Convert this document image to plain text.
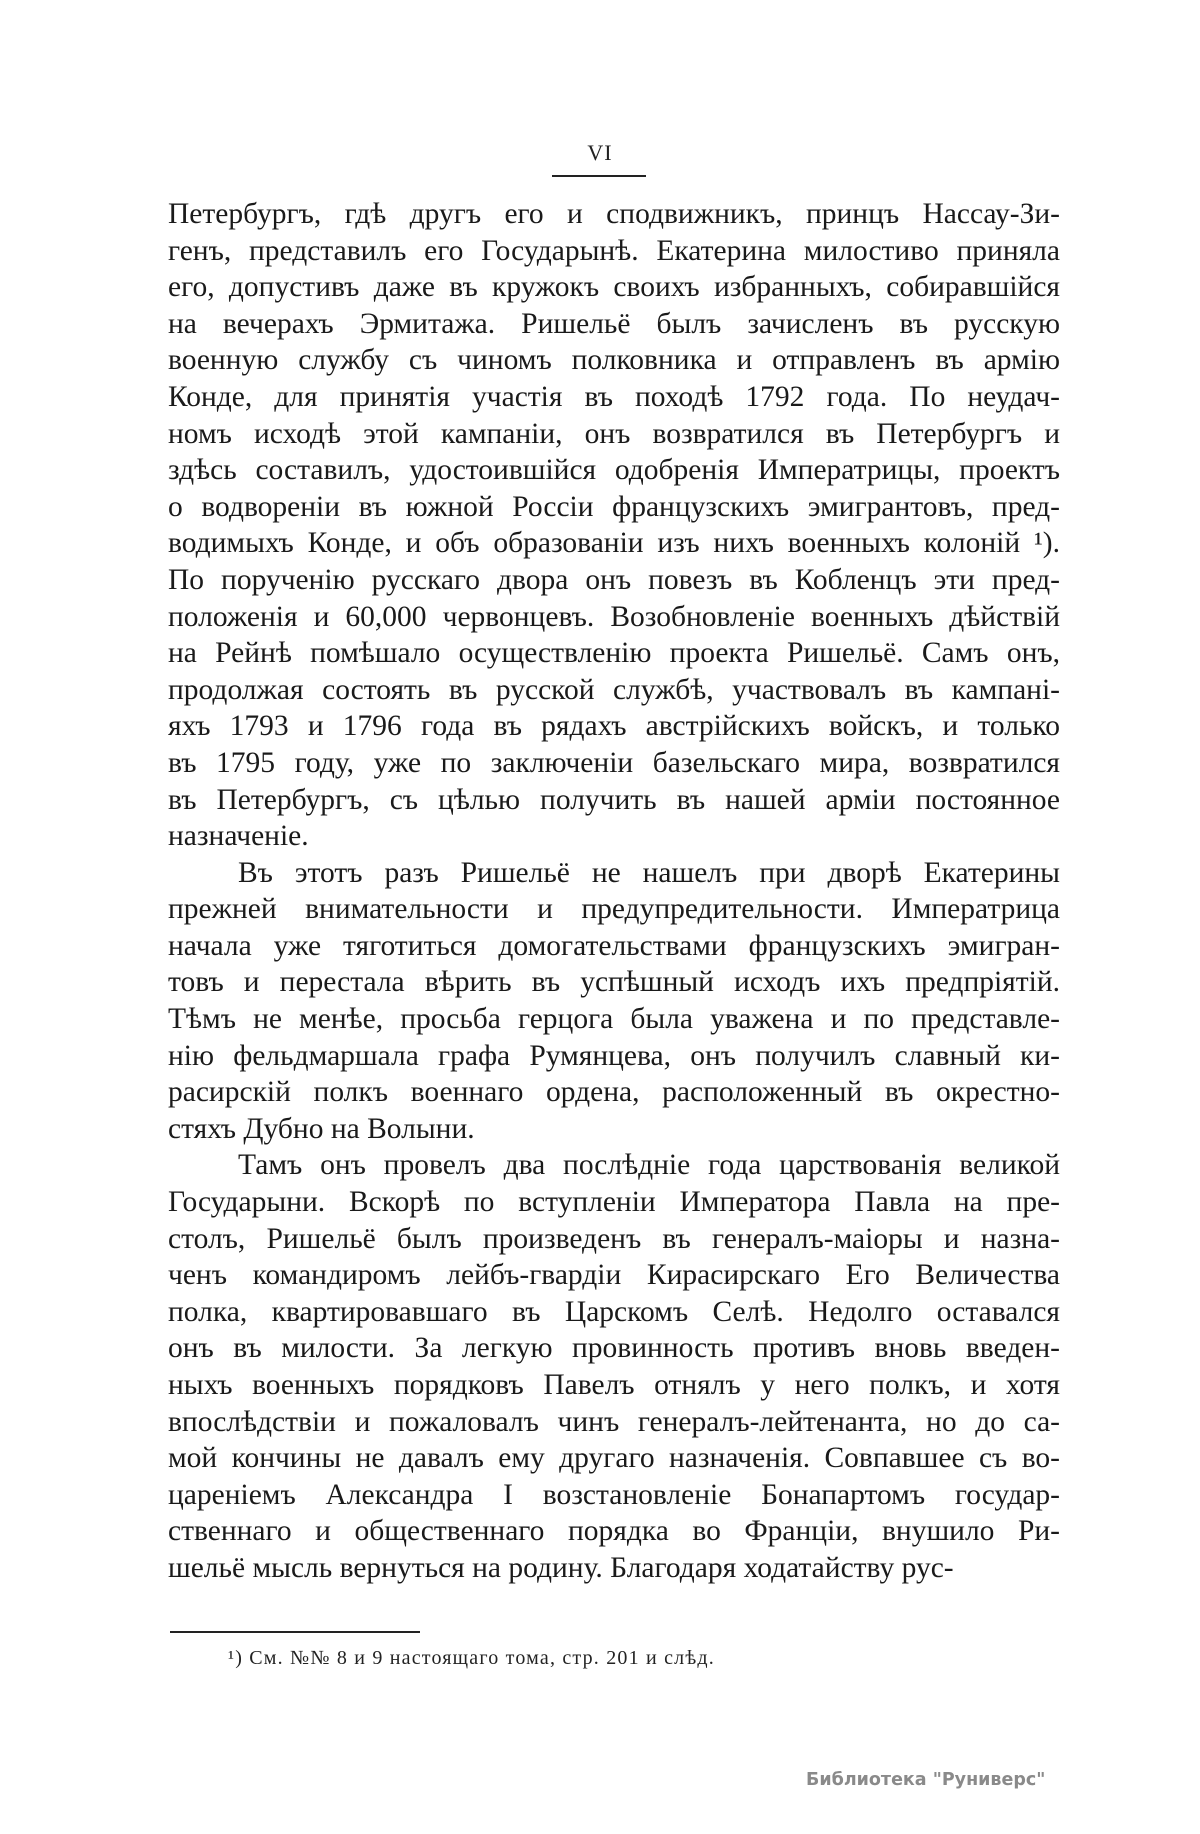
VI
Петербургъ, гдѣ другъ его и сподвижникъ, принцъ Нассау-Зи-
генъ, представилъ его Государынѣ. Екатерина милостиво приняла
его, допустивъ даже въ кружокъ своихъ избранныхъ, собиравшійся
на вечерахъ Эрмитажа. Ришельё былъ зачисленъ въ русскую
военную службу съ чиномъ полковника и отправленъ въ армію
Конде, для принятія участія въ походѣ 1792 года. По неудач-
номъ исходѣ этой кампаніи, онъ возвратился въ Петербургъ и
здѣсь составилъ, удостоившійся одобренія Императрицы, проектъ
о водвореніи въ южной Россіи французскихъ эмигрантовъ, пред-
водимыхъ Конде, и объ образованіи изъ нихъ военныхъ колоній ¹).
По порученію русскаго двора онъ повезъ въ Кобленцъ эти пред-
положенія и 60,000 червонцевъ. Возобновленіе военныхъ дѣйствій
на Рейнѣ помѣшало осуществленію проекта Ришельё. Самъ онъ,
продолжая состоять въ русской службѣ, участвовалъ въ кампані-
яхъ 1793 и 1796 года въ рядахъ австрійскихъ войскъ, и только
въ 1795 году, уже по заключеніи базельскаго мира, возвратился
въ Петербургъ, съ цѣлью получить въ нашей арміи постоянное
назначеніе.
Въ этотъ разъ Ришельё не нашелъ при дворѣ Екатерины
прежней внимательности и предупредительности. Императрица
начала уже тяготиться домогательствами французскихъ эмигран-
товъ и перестала вѣрить въ успѣшный исходъ ихъ предпріятій.
Тѣмъ не менѣе, просьба герцога была уважена и по представле-
нію фельдмаршала графа Румянцева, онъ получилъ славный ки-
расирскій полкъ военнаго ордена, расположенный въ окрестно-
стяхъ Дубно на Волыни.
Тамъ онъ провелъ два послѣдніе года царствованія великой
Государыни. Вскорѣ по вступленіи Императора Павла на пре-
столъ, Ришельё былъ произведенъ въ генералъ-маіоры и назна-
ченъ командиромъ лейбъ-гвардіи Кирасирскаго Его Величества
полка, квартировавшаго въ Царскомъ Селѣ. Недолго оставался
онъ въ милости. За легкую провинность противъ вновь введен-
ныхъ военныхъ порядковъ Павелъ отнялъ у него полкъ, и хотя
впослѣдствіи и пожаловалъ чинъ генералъ-лейтенанта, но до са-
мой кончины не давалъ ему другаго назначенія. Совпавшее съ во-
цареніемъ Александра I возстановленіе Бонапартомъ государ-
ственнаго и общественнаго порядка во Франціи, внушило Ри-
шельё мысль вернуться на родину. Благодаря ходатайству рус-
¹) См. №№ 8 и 9 настоящаго тома, стр. 201 и слѣд.
Библиотека "Руниверс"
